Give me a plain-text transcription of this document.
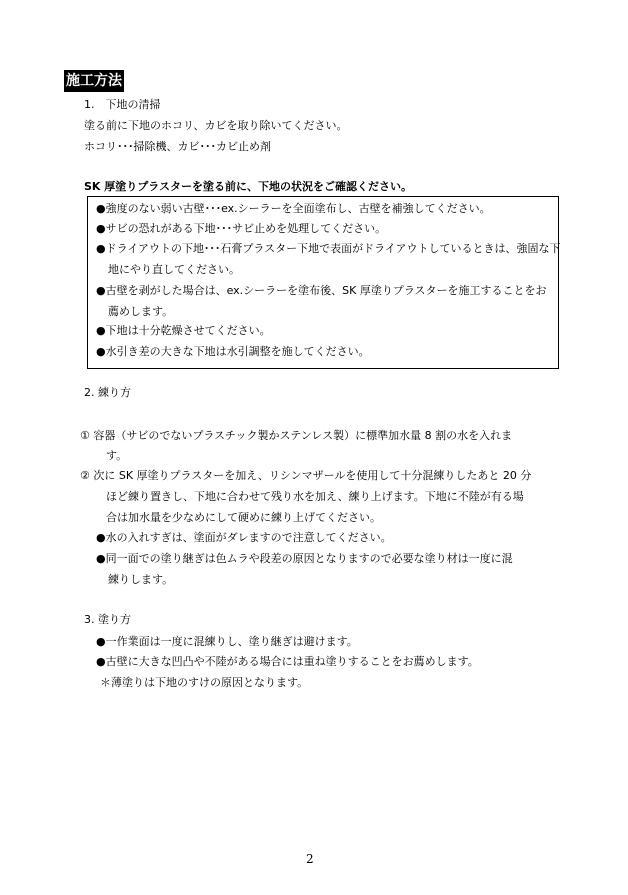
施工方法
1.　下地の清掃
塗る前に下地のホコリ、カビを取り除いてください。
ホコリ･･･掃除機、カビ･･･カビ止め剤
SK 厚塗りプラスターを塗る前に、下地の状況をご確認ください。
●強度のない弱い古壁･･･ex.シーラーを全面塗布し、古壁を補強してください。
●サビの恐れがある下地･･･サビ止めを処理してください。
●ドライアウトの下地･･･石膏プラスター下地で表面がドライアウトしているときは、強固な下
地にやり直してください。
●古壁を剥がした場合は、ex.シーラーを塗布後、SK 厚塗りプラスターを施工することをお
薦めします。
●下地は十分乾燥させてください。
●水引き差の大きな下地は水引調整を施してください。
2. 練り方
① 容器（サビのでないプラスチック製かステンレス製）に標準加水量 8 割の水を入れま
す。
② 次に SK 厚塗りプラスターを加え、リシンマザールを使用して十分混練りしたあと 20 分
ほど練り置きし、下地に合わせて残り水を加え、練り上げます。下地に不陸が有る場
合は加水量を少なめにして硬めに練り上げてください。
●水の入れすぎは、塗面がダレますので注意してください。
●同一面での塗り継ぎは色ムラや段差の原因となりますので必要な塗り材は一度に混
練りします。
3. 塗り方
●一作業面は一度に混練りし、塗り継ぎは避けます。
●古壁に大きな凹凸や不陸がある場合には重ね塗りすることをお薦めします。
＊薄塗りは下地のすけの原因となります。
2
